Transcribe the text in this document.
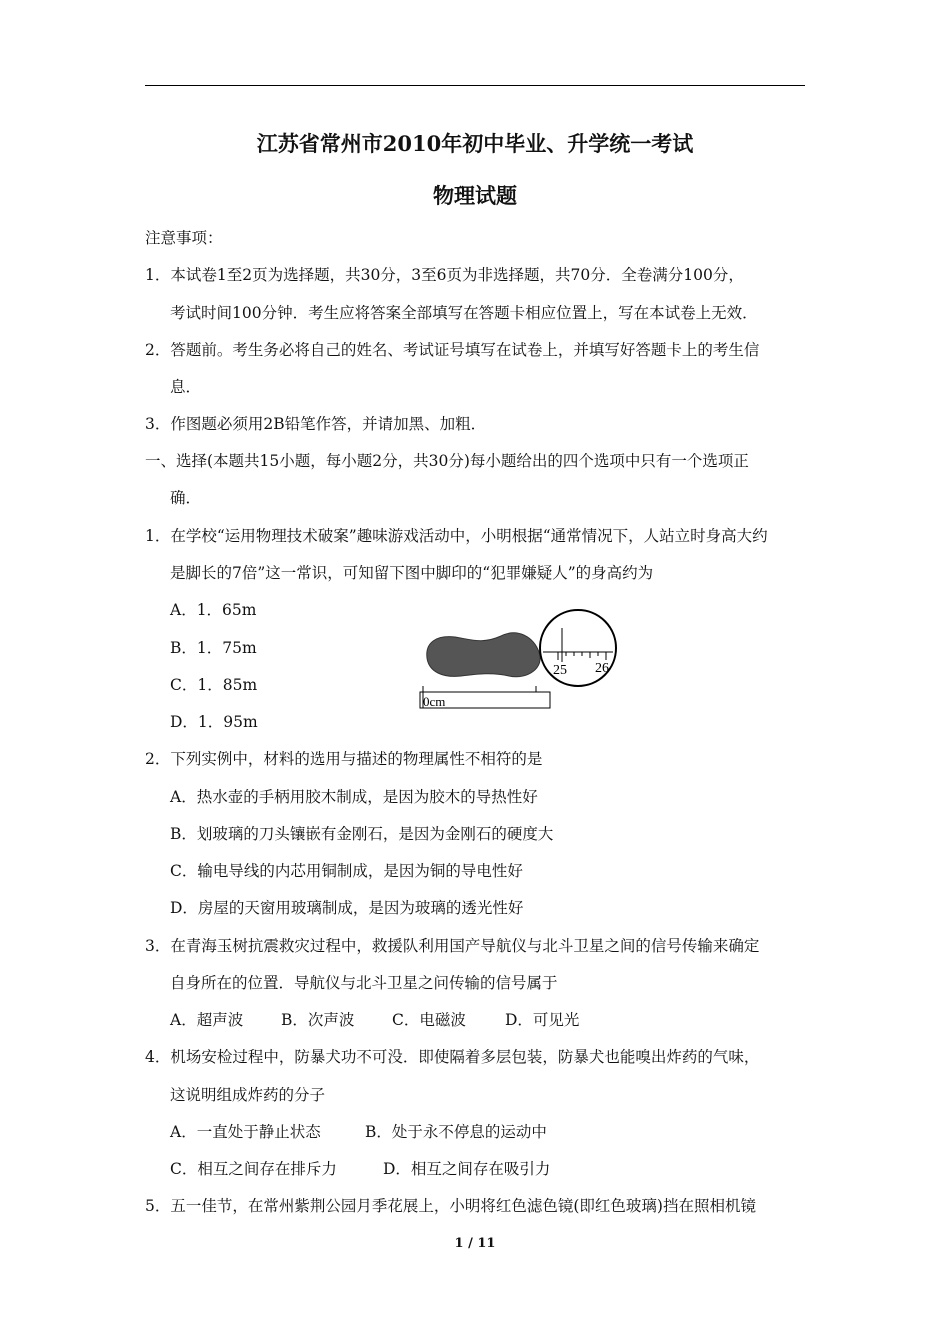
江苏省常州市2010年初中毕业、升学统一考试
物理试题
注意事项：
1．本试卷1至2页为选择题，共30分，3至6页为非选择题，共70分．全卷满分100分，
考试时间100分钟．考生应将答案全部填写在答题卡相应位置上，写在本试卷上无效．
2．答题前。考生务必将自己的姓名、考试证号填写在试卷上，并填写好答题卡上的考生信
息．
3．作图题必须用2B铅笔作答，并请加黑、加粗．
一、选择(本题共15小题，每小题2分，共30分)每小题给出的四个选项中只有一个选项正
确．
1．在学校“运用物理技术破案”趣味游戏活动中，小明根据“通常情况下，人站立时身高大约
是脚长的7倍”这一常识，可知留下图中脚印的“犯罪嫌疑人”的身高约为
A．1．65m
B．1．75m
C．1．85m
D．1．95m
0cm
25 26
2．下列实例中，材料的选用与描述的物理属性不相符的是
A．热水壶的手柄用胶木制成，是因为胶木的导热性好
B．划玻璃的刀头镶嵌有金刚石，是因为金刚石的硬度大
C．输电导线的内芯用铜制成，是因为铜的导电性好
D．房屋的天窗用玻璃制成，是因为玻璃的透光性好
3．在青海玉树抗震救灾过程中，救援队利用国产导航仪与北斗卫星之间的信号传输来确定
自身所在的位置．导航仪与北斗卫星之问传输的信号属于
A．超声波 B．次声波 C．电磁波	D．可见光
4．机场安检过程中，防暴犬功不可没．即使隔着多层包装，防暴犬也能嗅出炸药的气味，
这说明组成炸药的分子
A．一直处于静止状态	B．处于永不停息的运动中
C．相互之间存在排斥力	D．相互之间存在吸引力
5．五一佳节，在常州紫荆公园月季花展上，小明将红色滤色镜(即红色玻璃)挡在照相机镜
1 / 11
